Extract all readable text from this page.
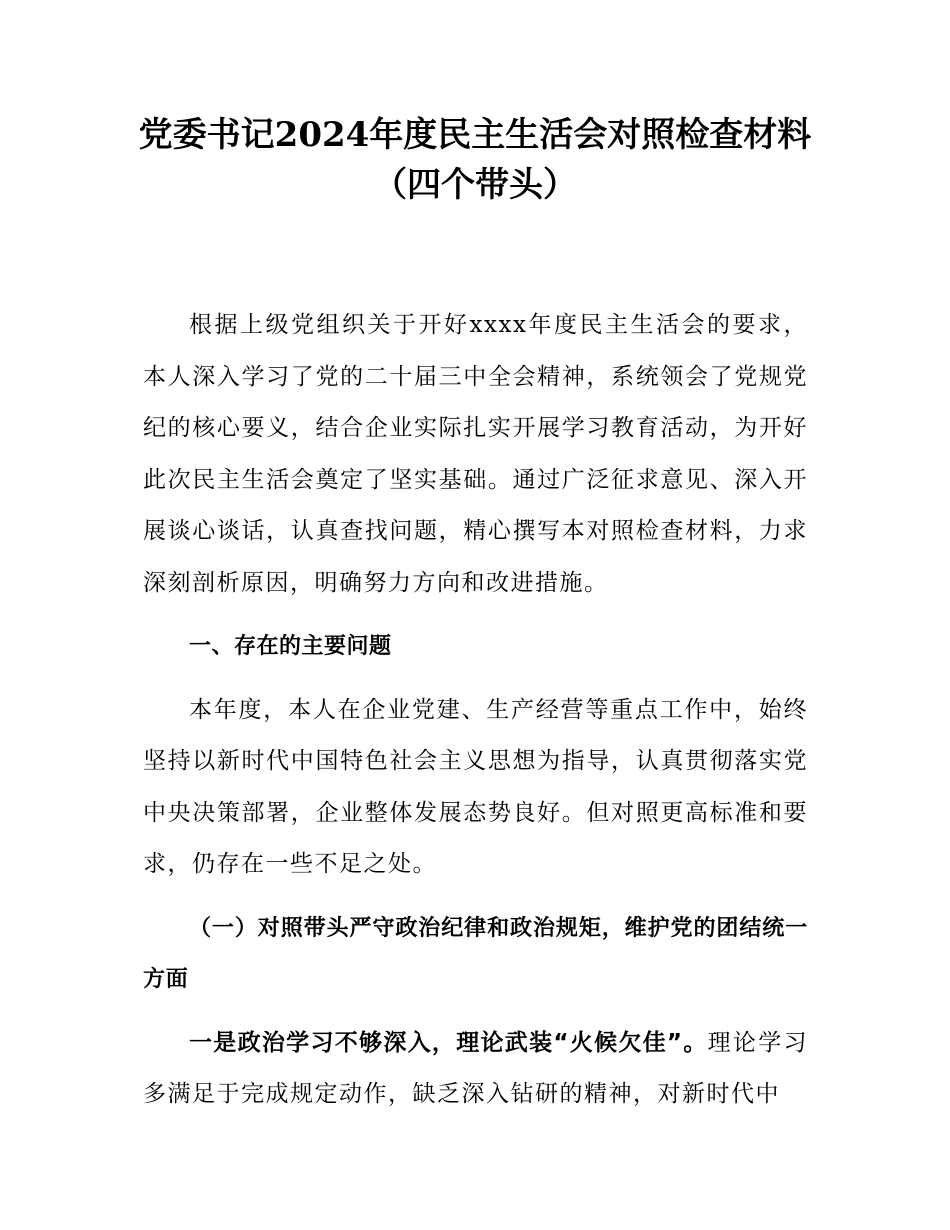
党委书记2024年度民主生活会对照检查材料
（四个带头）

根据上级党组织关于开好xxxx年度民主生活会的要求，本人深入学习了党的二十届三中全会精神，系统领会了党规党纪的核心要义，结合企业实际扎实开展学习教育活动，为开好此次民主生活会奠定了坚实基础。通过广泛征求意见、深入开展谈心谈话，认真查找问题，精心撰写本对照检查材料，力求深刻剖析原因，明确努力方向和改进措施。

一、存在的主要问题

本年度，本人在企业党建、生产经营等重点工作中，始终坚持以新时代中国特色社会主义思想为指导，认真贯彻落实党中央决策部署，企业整体发展态势良好。但对照更高标准和要求，仍存在一些不足之处。

（一）对照带头严守政治纪律和政治规矩，维护党的团结统一方面

一是政治学习不够深入，理论武装“火候欠佳”。理论学习多满足于完成规定动作，缺乏深入钻研的精神，对新时代中
